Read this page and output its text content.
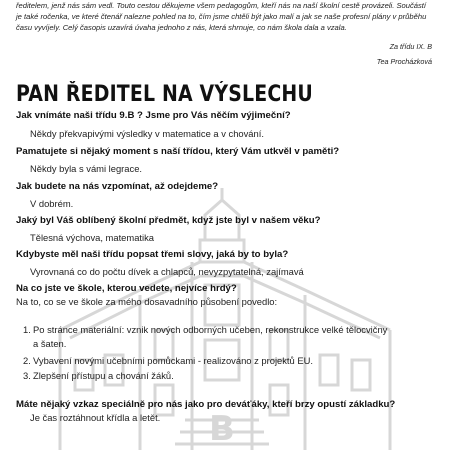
B
ředitelem, jenž nás sám vedl. Touto cestou děkujeme všem pedagogům, kteří nás na naší školní cestě provázeli. Součástí
je také ročenka, ve které čtenář nalezne pohled na to, čím jsme chtěli být jako malí a jak se naše profesní plány v průběhu
času vyvíjely. Celý časopis uzavírá úvaha jednoho z nás, která shrnuje, co nám škola dala a vzala.
Za třídu IX. B
Tea Procházková
PAN ŘEDITEL NA VÝSLECHU
Jak vnímáte naši třídu 9.B ? Jsme pro Vás něčím výjimeční?
Někdy překvapivými výsledky v matematice a v chování.
Pamatujete si nějaký moment s naší třídou, který Vám utkvěl v paměti?
Někdy byla s vámi legrace.
Jak budete na nás vzpomínat, až odejdeme?
V dobrém.
Jaký byl Váš oblíbený školní předmět, když jste byl v našem věku?
Tělesná výchova, matematika
Kdybyste měl naši třídu popsat třemi slovy, jaká by to byla?
Vyrovnaná co do počtu dívek a chlapců, nevyzpytatelná, zajímavá
Na co jste ve škole, kterou vedete, nejvíce hrdý?
Na to, co se ve škole za mého dosavadního působení povedlo:
1. Po stránce materiální: vznik nových odborných učeben, rekonstrukce velké tělocvičny
a šaten.
2. Vybavení novými učebními pomůckami - realizováno z projektů EU.
3. Zlepšení přístupu a chování žáků.
Máte nějaký vzkaz speciálně pro nás jako pro deváťáky, kteří brzy opustí základku?
Je čas roztáhnout křídla a letět.
